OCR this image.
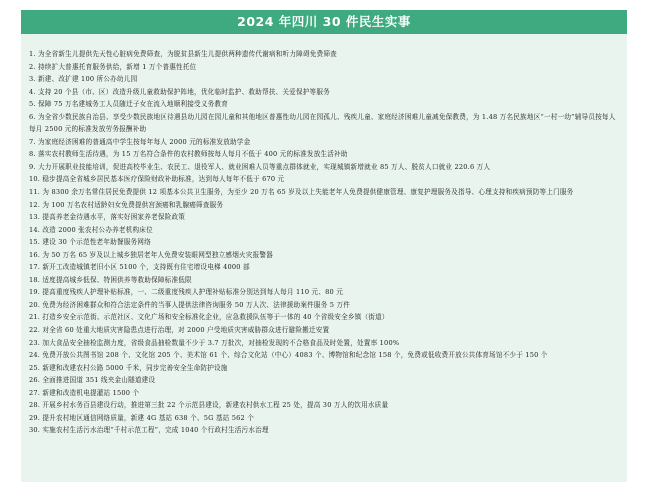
2024 年四川 30 件民生实事
1. 为全省新生儿提供先天性心脏病免费筛查，为脱贫县新生儿提供两种遗传代谢病和听力障碍免费筛查
2. 持续扩大普惠托育服务供给，新增 1 万个普惠性托位
3. 新建、改扩建 100 所公办幼儿园
4. 支持 20 个县（市、区）改造升级儿童救助保护阵地，优化临时监护、救助帮扶、关爱保护等服务
5. 保障 75 万名建城务工人员随迁子女在流入地顺利接受义务教育
6. 为全省少数民族自治县、享受少数民族地区待遇县幼儿园在园儿童和其他地区普惠性幼儿园在园孤儿、残疾儿童、家庭经济困难儿童减免保教费，为 1.48 万名民族地区“一村一幼”辅导员按每人每月 2500 元的标准发放劳务报酬补助
7. 为家庭经济困难的普通高中学生按每年每人 2000 元的标准发放助学金
8. 落实农村教师生活待遇，为 15 万名符合条件的农村教师按每人每月不低于 400 元的标准发放生活补助
9. 大力开展职业技能培训，促进高校毕业生、农民工、退役军人、就业困难人员等重点群体就业，实现城镇新增就业 85 万人、脱贫人口就业 220.6 万人
10. 稳步提高全省城乡居民基本医疗保险财政补助标准，达到每人每年不低于 670 元
11. 为 8300 余万名常住居民免费提供 12 项基本公共卫生服务，为至少 20 万名 65 岁及以上失能老年人免费提供健康管理、康复护理服务及指导、心理支持和疾病预防等上门服务
12. 为 100 万名农村适龄妇女免费提供宫颈癌和乳腺癌筛查服务
13. 提高养老金待遇水平，落实好困家养老保险政策
14. 改造 2000 张农村公办养老机构床位
15. 建设 30 个示范性老年助餐服务网络
16. 为 50 万名 65 岁及以上城乡独居老年人免费安装眼网型独立感烟火灾报警器
17. 新开工改造城镇老旧小区 5100 个，支持既有住宅增设电梯 4000 部
18. 适度提高城乡低保、特困供养等救助保障标准低限
19. 提高重度残疾人护理补贴标准，一、二级重度残疾人护理补贴标准分别达到每人每月 110 元、80 元
20. 免费为经济困难群众和符合法定条件的当事人提供法律咨询服务 50 万人次、法律援助案件服务 5 万件
21. 打造乡安全示范街、示范社区、文化广场和安全标准化企业，应急救援队伍等于一体的 40 个省级安全乡镇（街道）
22. 对全省 60 处重大地质灾害隐患点进行治理，对 2000 户受地质灾害威胁群众进行避险搬迁安置
23. 加大食品安全抽检监测力度，省级食品抽检数量不少于 3.7 万批次，对抽检发现的不合格食品及时处置，处置率 100%
24. 免费开放公共图书馆 208 个、文化馆 205 个、美术馆 61 个、综合文化站（中心）4083 个、博物馆和纪念馆 158 个，免费或低收费开放公共体育场馆不少于 150 个
25. 新建和改建农村公路 5000 千米，同步完善安全生命防护设施
26. 全面推进国道 351 线夹金山隧道建设
27. 新建和改造机电提灌站 1500 个
28. 开展乡村水务百县建设行动，推进第三批 22 个示范县建设，新建农村供水工程 25 处，提高 30 万人的饮用水质量
29. 提升农村地区通信网络质量，新建 4G 基站 638 个、5G 基站 562 个
30. 实施农村生活污水治理“千村示范工程”，完成 1040 个行政村生活污水治理
